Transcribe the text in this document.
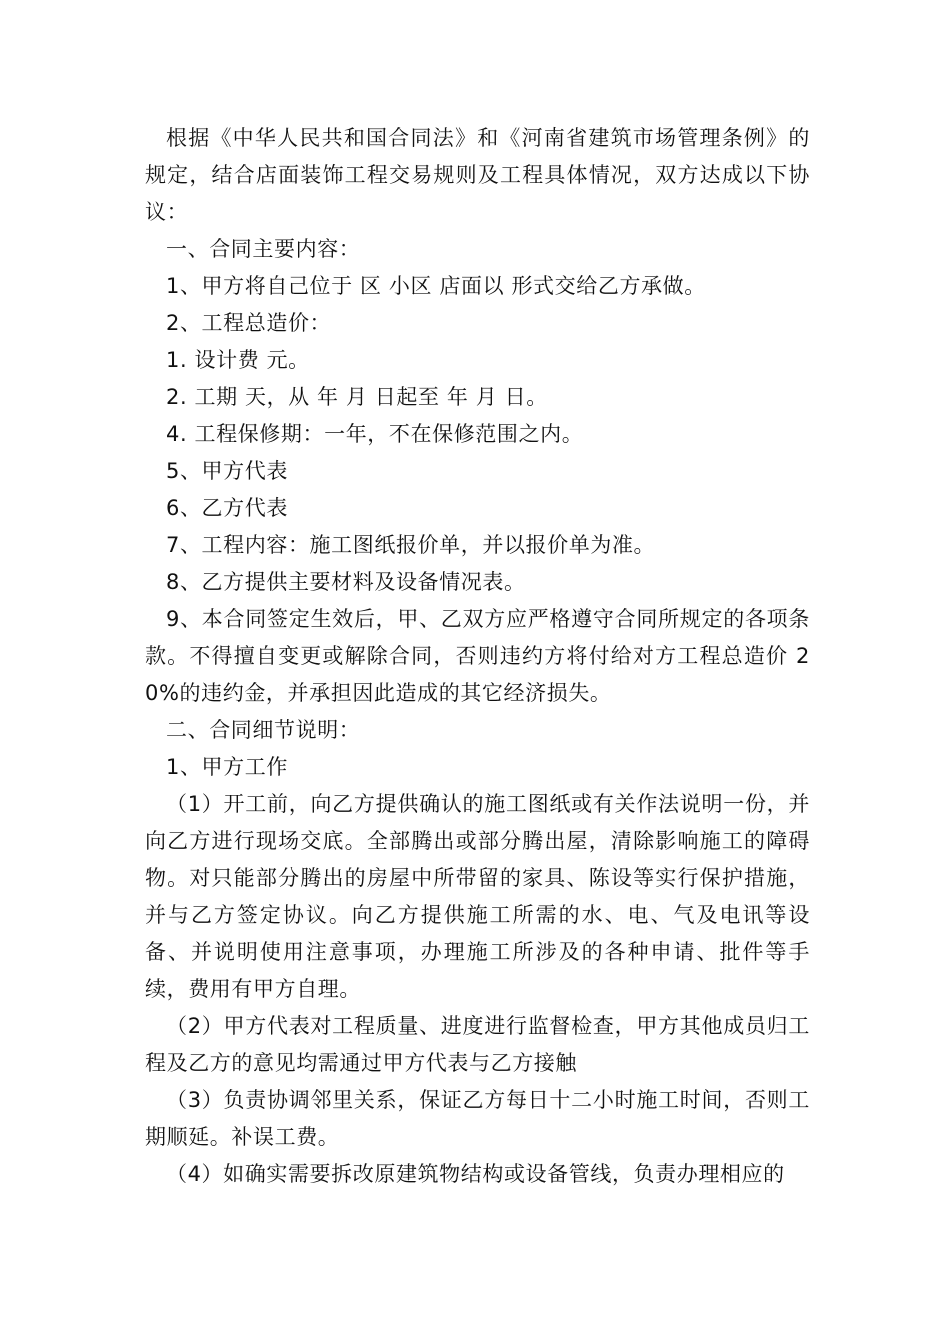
根据《中华人民共和国合同法》和《河南省建筑市场管理条例》的规定，结合店面装饰工程交易规则及工程具体情况，双方达成以下协议：

一、合同主要内容：

1、甲方将自己位于 区 小区 店面以 形式交给乙方承做。

2、工程总造价：

1. 设计费 元。

2. 工期 天，从 年 月 日起至 年 月 日。

4. 工程保修期：一年，不在保修范围之内。

5、甲方代表

6、乙方代表

7、工程内容：施工图纸报价单，并以报价单为准。

8、乙方提供主要材料及设备情况表。

9、本合同签定生效后，甲、乙双方应严格遵守合同所规定的各项条款。不得擅自变更或解除合同，否则违约方将付给对方工程总造价 20%的违约金，并承担因此造成的其它经济损失。

二、合同细节说明：

1、甲方工作

（1）开工前，向乙方提供确认的施工图纸或有关作法说明一份，并向乙方进行现场交底。全部腾出或部分腾出屋，清除影响施工的障碍物。对只能部分腾出的房屋中所带留的家具、陈设等实行保护措施，并与乙方签定协议。向乙方提供施工所需的水、电、气及电讯等设备、并说明使用注意事项，办理施工所涉及的各种申请、批件等手续，费用有甲方自理。

（2）甲方代表对工程质量、进度进行监督检查，甲方其他成员归工程及乙方的意见均需通过甲方代表与乙方接触

（3）负责协调邻里关系，保证乙方每日十二小时施工时间，否则工期顺延。补误工费。

（4）如确实需要拆改原建筑物结构或设备管线，负责办理相应的
